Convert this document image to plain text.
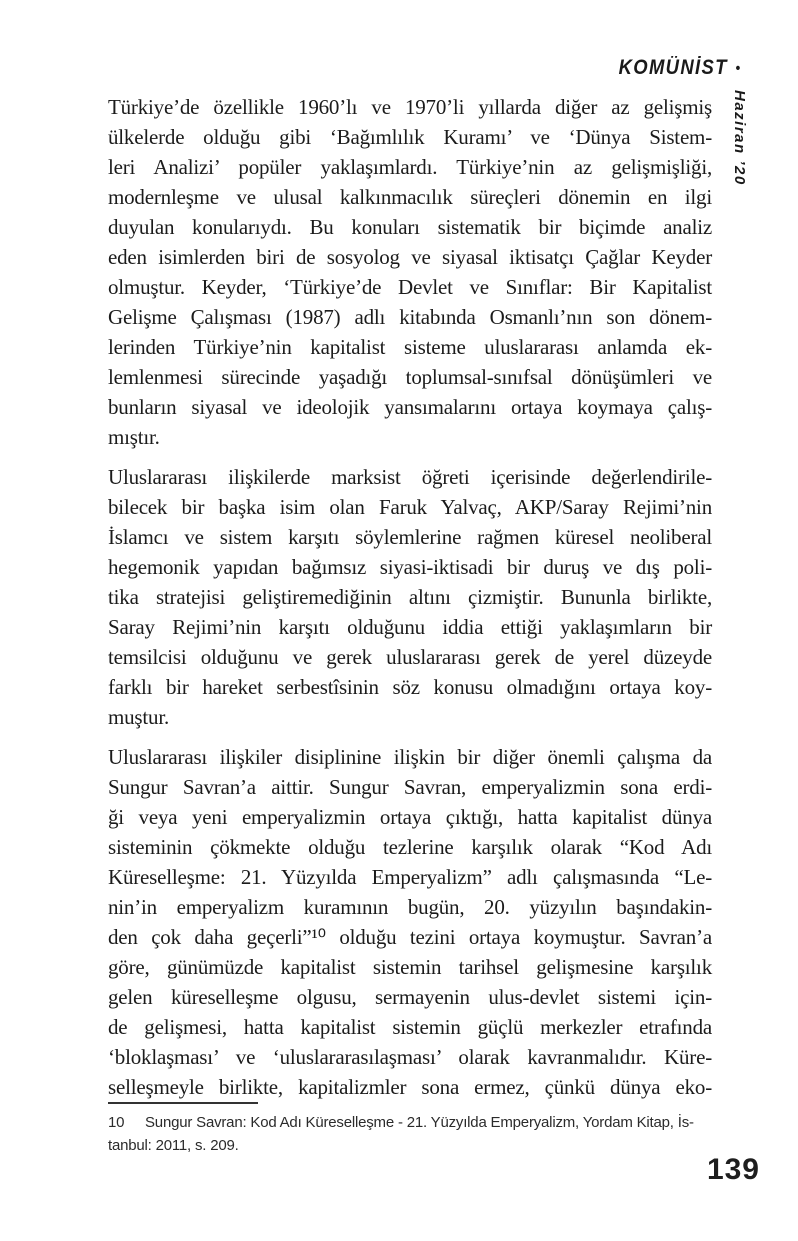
KOMÜNİST •
Haziran ’20
Türkiye’de özellikle 1960’lı ve 1970’li yıllarda diğer az gelişmiş
ülkelerde olduğu gibi ‘Bağımlılık Kuramı’ ve ‘Dünya Sistem-
leri Analizi’ popüler yaklaşımlardı. Türkiye’nin az gelişmişliği,
modernleşme ve ulusal kalkınmacılık süreçleri dönemin en ilgi
duyulan konularıydı. Bu konuları sistematik bir biçimde analiz
eden isimlerden biri de sosyolog ve siyasal iktisatçı Çağlar Keyder
olmuştur. Keyder, ‘Türkiye’de Devlet ve Sınıflar: Bir Kapitalist
Gelişme Çalışması (1987) adlı kitabında Osmanlı’nın son dönem-
lerinden Türkiye’nin kapitalist sisteme uluslararası anlamda ek-
lemlenmesi sürecinde yaşadığı toplumsal-sınıfsal dönüşümleri ve
bunların siyasal ve ideolojik yansımalarını ortaya koymaya çalış-
mıştır.
Uluslararası ilişkilerde marksist öğreti içerisinde değerlendirile-
bilecek bir başka isim olan Faruk Yalvaç, AKP/Saray Rejimi’nin
İslamcı ve sistem karşıtı söylemlerine rağmen küresel neoliberal
hegemonik yapıdan bağımsız siyasi-iktisadi bir duruş ve dış poli-
tika stratejisi geliştiremediğinin altını çizmiştir. Bununla birlikte,
Saray Rejimi’nin karşıtı olduğunu iddia ettiği yaklaşımların bir
temsilcisi olduğunu ve gerek uluslararası gerek de yerel düzeyde
farklı bir hareket serbestîsinin söz konusu olmadığını ortaya koy-
muştur.
Uluslararası ilişkiler disiplinine ilişkin bir diğer önemli çalışma da
Sungur Savran’a aittir. Sungur Savran, emperyalizmin sona erdi-
ği veya yeni emperyalizmin ortaya çıktığı, hatta kapitalist dünya
sisteminin çökmekte olduğu tezlerine karşılık olarak “Kod Adı
Küreselleşme: 21. Yüzyılda Emperyalizm” adlı çalışmasında “Le-
nin’in emperyalizm kuramının bugün, 20. yüzyılın başındakin-
den çok daha geçerli”¹⁰ olduğu tezini ortaya koymuştur. Savran’a
göre, günümüzde kapitalist sistemin tarihsel gelişmesine karşılık
gelen küreselleşme olgusu, sermayenin ulus-devlet sistemi için-
de gelişmesi, hatta kapitalist sistemin güçlü merkezler etrafında
‘bloklaşması’ ve ‘uluslararasılaşması’ olarak kavranmalıdır. Küre-
selleşmeyle birlikte, kapitalizmler sona ermez, çünkü dünya eko-
10	Sungur Savran: Kod Adı Küreselleşme - 21. Yüzyılda Emperyalizm, Yordam Kitap, İs-
tanbul: 2011, s. 209.
139
